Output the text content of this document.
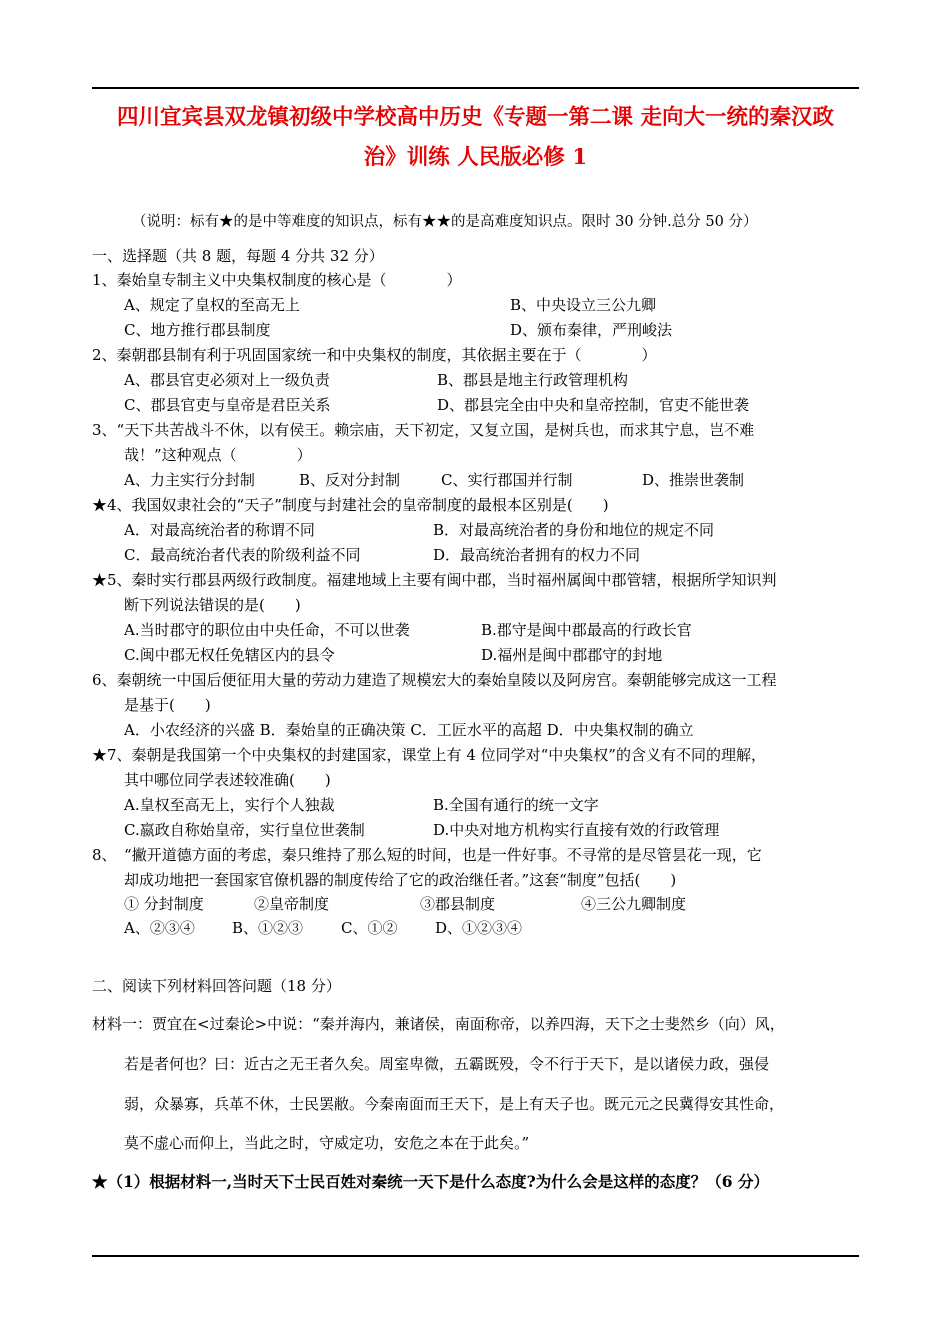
四川宜宾县双龙镇初级中学校高中历史《专题一第二课 走向大一统的秦汉政
治》训练 人民版必修 1
（说明：标有★的是中等难度的知识点，标有★★的是高难度知识点。限时 30 分钟.总分 50 分）
一、选择题（共 8 题，每题 4 分共 32 分）
1、秦始皇专制主义中央集权制度的核心是（　　　　）
A、规定了皇权的至高无上	B、中央设立三公九卿
C、地方推行郡县制度	D、颁布秦律，严刑峻法
2、秦朝郡县制有利于巩固国家统一和中央集权的制度，其依据主要在于（　　　　）
A、郡县官吏必须对上一级负责	B、郡县是地主行政管理机构
C、郡县官吏与皇帝是君臣关系	D、郡县完全由中央和皇帝控制，官吏不能世袭
3、“天下共苦战斗不休，以有侯王。赖宗庙，天下初定，又复立国，是树兵也，而求其宁息，岂不难
哉！”这种观点（　　　　）
A、力主实行分封制	B、反对分封制	C、实行郡国并行制	D、推崇世袭制
★4、我国奴隶社会的“天子”制度与封建社会的皇帝制度的最根本区别是(　　)
A．对最高统治者的称谓不同	B．对最高统治者的身份和地位的规定不同
C．最高统治者代表的阶级利益不同	D．最高统治者拥有的权力不同
★5、秦时实行郡县两级行政制度。福建地域上主要有闽中郡，当时福州属闽中郡管辖，根据所学知识判
断下列说法错误的是(　　)
A.当时郡守的职位由中央任命，不可以世袭	B.郡守是闽中郡最高的行政长官
C.闽中郡无权任免辖区内的县令	D.福州是闽中郡郡守的封地
6、秦朝统一中国后便征用大量的劳动力建造了规模宏大的秦始皇陵以及阿房宫。秦朝能够完成这一工程
是基于(　　)
A．小农经济的兴盛 B．秦始皇的正确决策 C．工匠水平的高超 D．中央集权制的确立
★7、秦朝是我国第一个中央集权的封建国家，课堂上有 4 位同学对“中央集权”的含义有不同的理解，
其中哪位同学表述较准确(　　)
A.皇权至高无上，实行个人独裁	B.全国有通行的统一文字
C.嬴政自称始皇帝，实行皇位世袭制	D.中央对地方机构实行直接有效的行政管理
8、　“撇开道德方面的考虑，秦只维持了那么短的时间，也是一件好事。不寻常的是尽管昙花一现，它
却成功地把一套国家官僚机器的制度传给了它的政治继任者。”这套“制度”包括(　　)
① 分封制度	②皇帝制度	③郡县制度	④三公九卿制度
A、②③④ B、①②③	C、①②	D、①②③④
二、阅读下列材料回答问题（18 分）
材料一：贾宜在<过秦论>中说：“秦并海内，兼诸侯，南面称帝，以养四海，天下之士斐然乡（向）风，
若是者何也？曰：近古之无王者久矣。周室卑微，五霸既殁，令不行于天下，是以诸侯力政，强侵
弱，众暴寡，兵革不休，士民罢敝。今秦南面而王天下，是上有天子也。既元元之民冀得安其性命，
莫不虚心而仰上，当此之时，守威定功，安危之本在于此矣。”
★（1）根据材料一,当时天下士民百姓对秦统一天下是什么态度?为什么会是这样的态度？（6 分）
